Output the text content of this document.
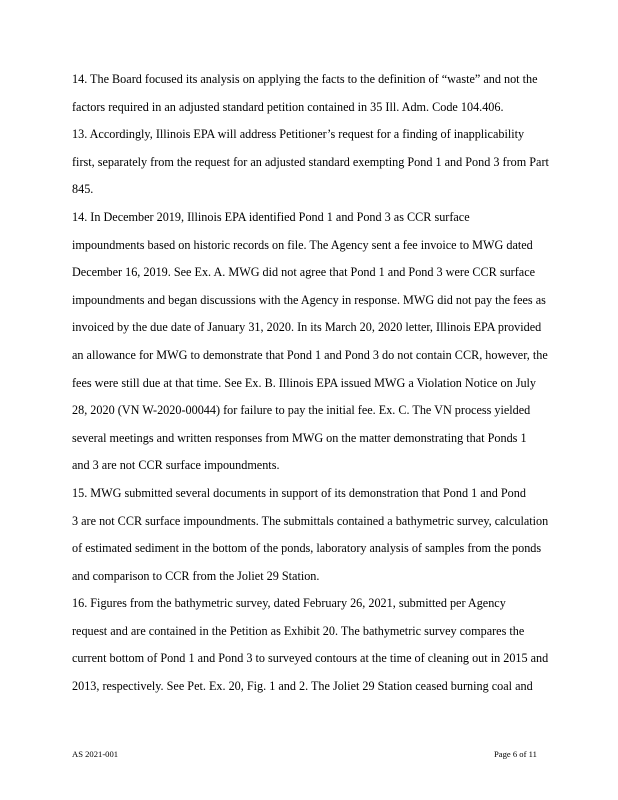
14. The Board focused its analysis on applying the facts to the definition of “waste” and not the
factors required in an adjusted standard petition contained in 35 Ill. Adm. Code 104.406.
13. Accordingly, Illinois EPA will address Petitioner’s request for a finding of inapplicability
first, separately from the request for an adjusted standard exempting Pond 1 and Pond 3 from Part
845.
14. In December 2019, Illinois EPA identified Pond 1 and Pond 3 as CCR surface
impoundments based on historic records on file. The Agency sent a fee invoice to MWG dated
December 16, 2019. See Ex. A. MWG did not agree that Pond 1 and Pond 3 were CCR surface
impoundments and began discussions with the Agency in response. MWG did not pay the fees as
invoiced by the due date of January 31, 2020. In its March 20, 2020 letter, Illinois EPA provided
an allowance for MWG to demonstrate that Pond 1 and Pond 3 do not contain CCR, however, the
fees were still due at that time. See Ex. B. Illinois EPA issued MWG a Violation Notice on July
28, 2020 (VN W-2020-00044) for failure to pay the initial fee. Ex. C. The VN process yielded
several meetings and written responses from MWG on the matter demonstrating that Ponds 1
and 3 are not CCR surface impoundments.
15. MWG submitted several documents in support of its demonstration that Pond 1 and Pond
3 are not CCR surface impoundments. The submittals contained a bathymetric survey, calculation
of estimated sediment in the bottom of the ponds, laboratory analysis of samples from the ponds
and comparison to CCR from the Joliet 29 Station.
16. Figures from the bathymetric survey, dated February 26, 2021, submitted per Agency
request and are contained in the Petition as Exhibit 20. The bathymetric survey compares the
current bottom of Pond 1 and Pond 3 to surveyed contours at the time of cleaning out in 2015 and
2013, respectively. See Pet. Ex. 20, Fig. 1 and 2. The Joliet 29 Station ceased burning coal and
AS 2021-001	Page 6 of 11
